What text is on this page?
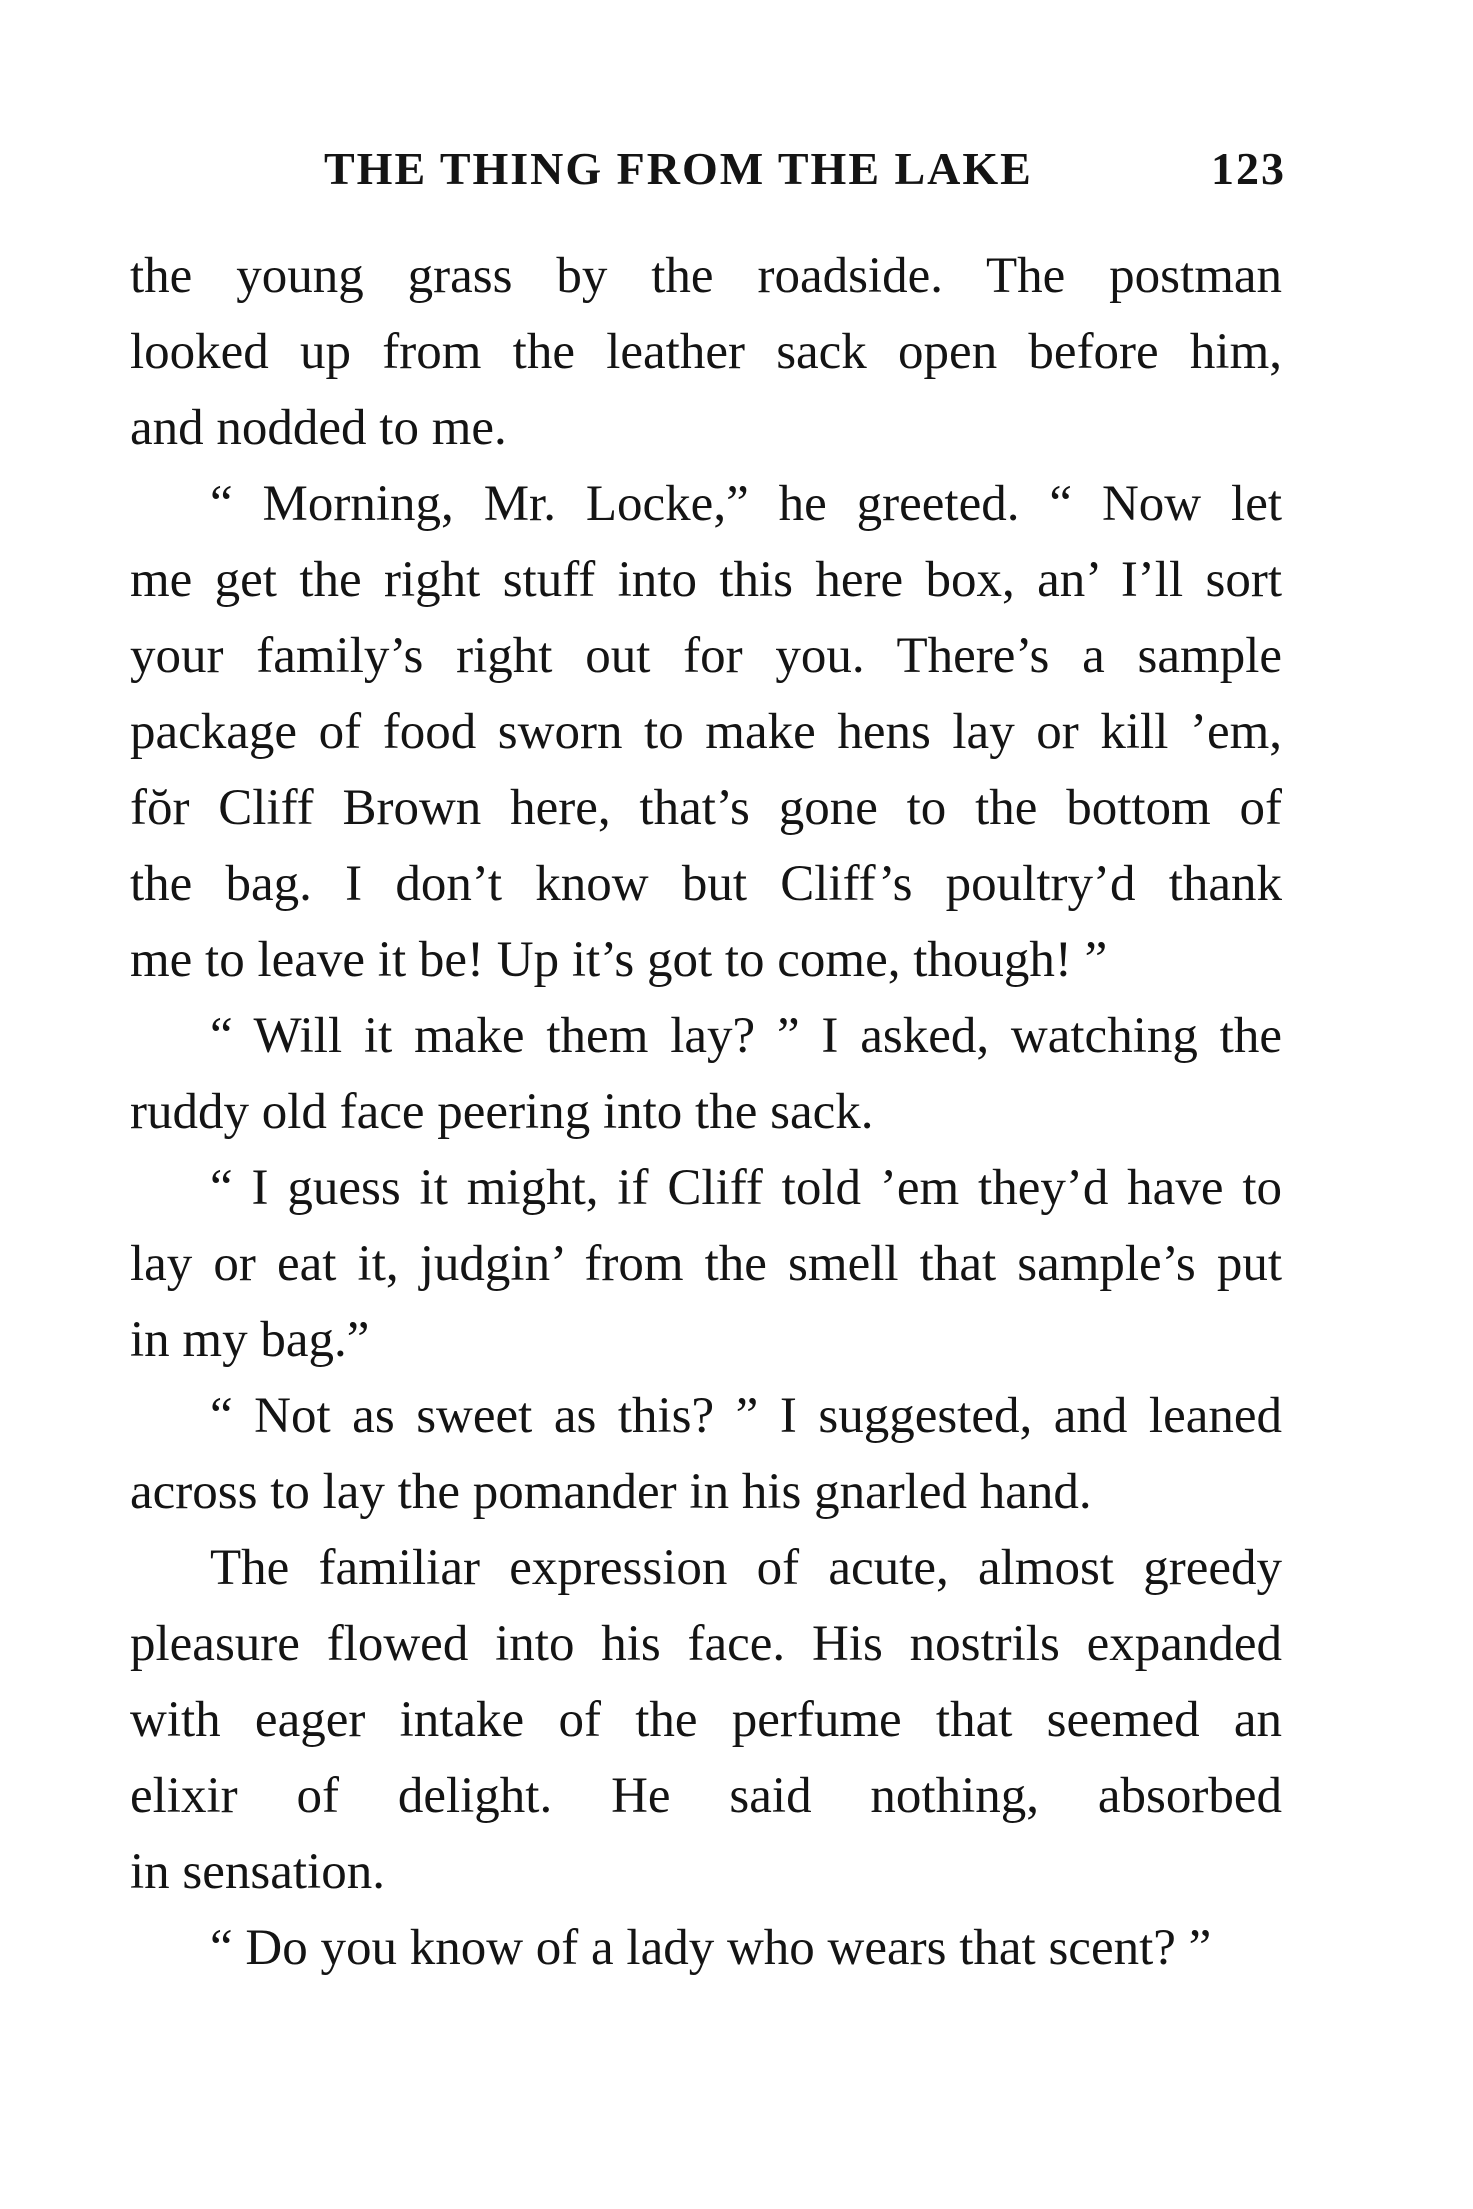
THE THING FROM THE LAKE	123

the young grass by the roadside. The postman
looked up from the leather sack open before him,
and nodded to me.

“ Morning, Mr. Locke,” he greeted. “ Now let
me get the right stuff into this here box, an’ I’ll sort
your family’s right out for you. There’s a sample
package of food sworn to make hens lay or kill ’em,
fŏr Cliff Brown here, that’s gone to the bottom of
the bag. I don’t know but Cliff’s poultry’d thank
me to leave it be! Up it’s got to come, though! ”

“ Will it make them lay? ” I asked, watching the
ruddy old face peering into the sack.

“ I guess it might, if Cliff told ’em they’d have to
lay or eat it, judgin’ from the smell that sample’s put
in my bag.”

“ Not as sweet as this? ” I suggested, and leaned
across to lay the pomander in his gnarled hand.

The familiar expression of acute, almost greedy
pleasure flowed into his face. His nostrils expanded
with eager intake of the perfume that seemed an
elixir of delight. He said nothing, absorbed
in sensation.

“ Do you know of a lady who wears that scent? ”
